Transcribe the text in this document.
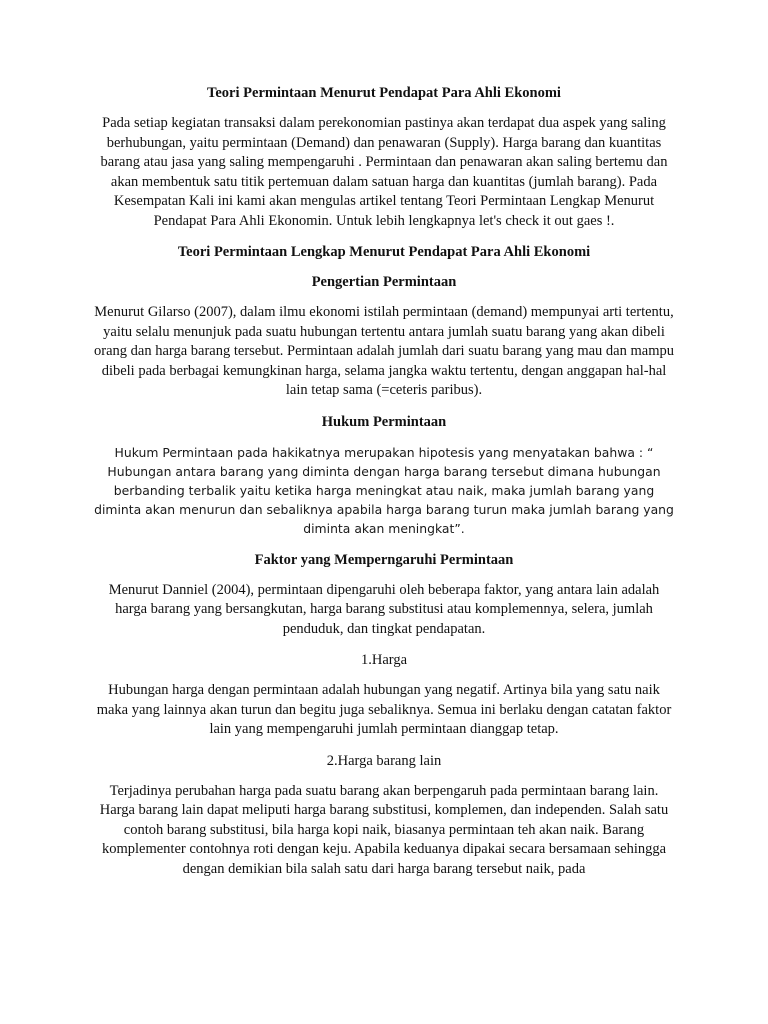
Teori Permintaan Menurut Pendapat Para Ahli Ekonomi
Pada setiap kegiatan transaksi dalam perekonomian pastinya akan terdapat dua aspek yang saling berhubungan, yaitu permintaan (Demand) dan penawaran (Supply). Harga barang dan kuantitas barang atau jasa yang saling mempengaruhi . Permintaan dan penawaran akan saling bertemu dan akan membentuk satu titik pertemuan dalam satuan harga dan kuantitas (jumlah barang). Pada Kesempatan Kali ini kami akan mengulas artikel tentang Teori Permintaan Lengkap Menurut Pendapat Para Ahli Ekonomin. Untuk lebih lengkapnya let's check it out gaes !.
Teori Permintaan Lengkap Menurut Pendapat Para Ahli Ekonomi
Pengertian Permintaan
Menurut Gilarso (2007), dalam ilmu ekonomi istilah permintaan (demand) mempunyai arti tertentu, yaitu selalu menunjuk pada suatu hubungan tertentu antara jumlah suatu barang yang akan dibeli orang dan harga barang tersebut. Permintaan adalah jumlah dari suatu barang yang mau dan mampu dibeli pada berbagai kemungkinan harga, selama jangka waktu tertentu, dengan anggapan hal-hal lain tetap sama (=ceteris paribus).
Hukum Permintaan
Hukum Permintaan pada hakikatnya merupakan hipotesis yang menyatakan bahwa : “ Hubungan antara barang yang diminta dengan harga barang tersebut dimana hubungan berbanding terbalik yaitu ketika harga meningkat atau naik, maka jumlah barang yang diminta akan menurun dan sebaliknya apabila harga barang turun maka jumlah barang yang diminta akan meningkat”.
Faktor yang Memperngaruhi Permintaan
Menurut Danniel (2004), permintaan dipengaruhi oleh beberapa faktor, yang antara lain adalah harga barang yang bersangkutan, harga barang substitusi atau komplemennya, selera, jumlah penduduk, dan tingkat pendapatan.
1.Harga
Hubungan harga dengan permintaan adalah hubungan yang negatif. Artinya bila yang satu naik maka yang lainnya akan turun dan begitu juga sebaliknya. Semua ini berlaku dengan catatan faktor lain yang mempengaruhi jumlah permintaan dianggap tetap.
2.Harga barang lain
Terjadinya perubahan harga pada suatu barang akan berpengaruh pada permintaan barang lain. Harga barang lain dapat meliputi harga barang substitusi, komplemen, dan independen. Salah satu contoh barang substitusi, bila harga kopi naik, biasanya permintaan teh akan naik. Barang komplementer contohnya roti dengan keju. Apabila keduanya dipakai secara bersamaan sehingga dengan demikian bila salah satu dari harga barang tersebut naik, pada
